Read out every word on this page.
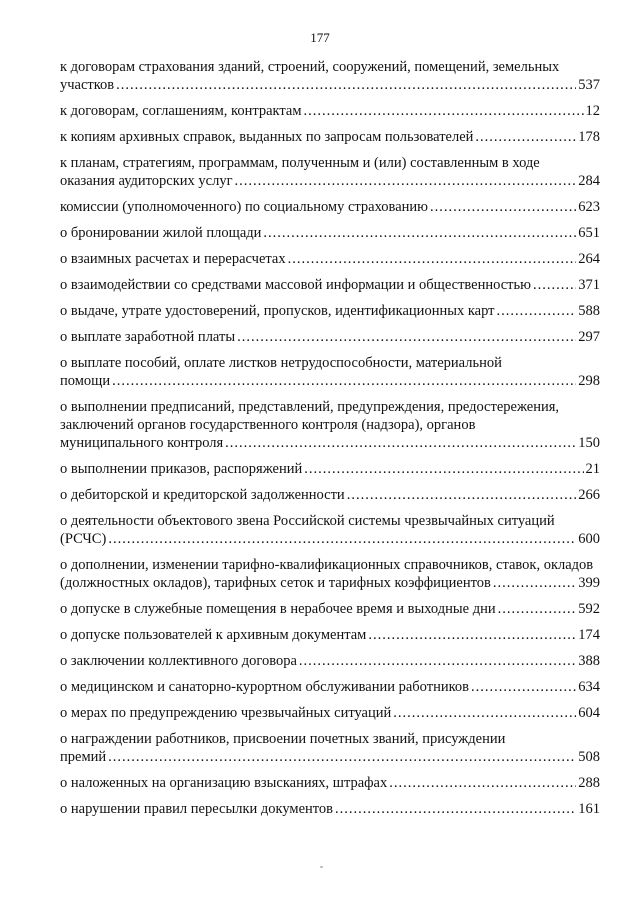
177
к договорам страхования зданий, строений, сооружений, помещений, земельных
участков .....	537
к договорам, соглашениям, контрактам .....	12
к копиям архивных справок, выданных по запросам пользователей .....	178
к планам, стратегиям, программам, полученным и (или) составленным в ходе
оказания аудиторских услуг .....	284
комиссии (уполномоченного) по социальному страхованию .....	623
о бронировании жилой площади .....	651
о взаимных расчетах и перерасчетах .....	264
о взаимодействии со средствами массовой информации и общественностью .....	371
о выдаче, утрате удостоверений, пропусков, идентификационных карт .....	588
о выплате заработной платы .....	297
о выплате пособий, оплате листков нетрудоспособности, материальной
помощи .....	298
о выполнении предписаний, представлений, предупреждения, предостережения,
заключений органов государственного контроля (надзора), органов
муниципального контроля .....	150
о выполнении приказов, распоряжений .....	21
о дебиторской и кредиторской задолженности .....	266
о деятельности объектового звена Российской системы чрезвычайных ситуаций
(РСЧС) .....	600
о дополнении, изменении тарифно-квалификационных справочников, ставок, окладов
(должностных окладов), тарифных сеток и тарифных коэффициентов .....	399
о допуске в служебные помещения в нерабочее время и выходные дни .....	592
о допуске пользователей к архивным документам .....	174
о заключении коллективного договора .....	388
о медицинском и санаторно-курортном обслуживании работников .....	634
о мерах по предупреждению чрезвычайных ситуаций .....	604
о награждении работников, присвоении почетных званий, присуждении
премий .....	508
о наложенных на организацию взысканиях, штрафах .....	288
о нарушении правил пересылки документов .....	161
